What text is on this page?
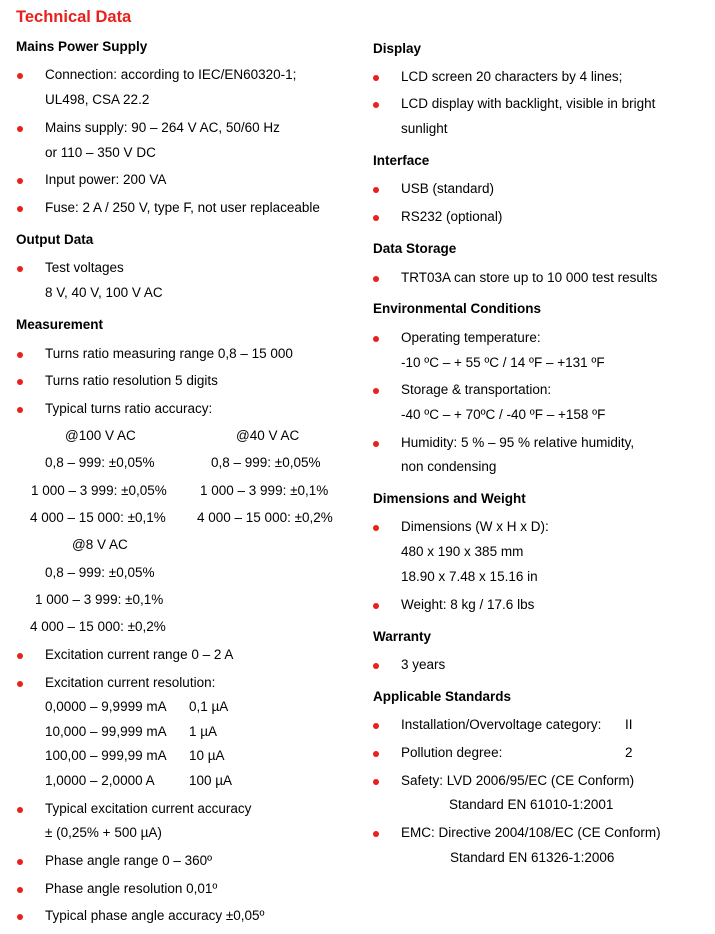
Technical Data
Mains Power Supply
Connection: according to IEC/EN60320-1;
UL498, CSA 22.2
Mains supply: 90 – 264 V AC, 50/60 Hz
or 110 – 350 V DC
Input power: 200 VA
Fuse: 2 A / 250 V, type F, not user replaceable
Output Data
Test voltages
8 V, 40 V, 100 V AC
Measurement
Turns ratio measuring range 0,8 – 15 000
Turns ratio resolution 5 digits
Typical turns ratio accuracy:
@100 V AC	@40 V AC
0,8 – 999: ±0,05%	0,8 – 999: ±0,05%
1 000 – 3 999: ±0,05% 1 000 – 3 999: ±0,1%
4 000 – 15 000: ±0,1% 4 000 – 15 000: ±0,2%
@8 V AC
0,8 – 999: ±0,05%
1 000 – 3 999: ±0,1%
4 000 – 15 000: ±0,2%
Excitation current range 0 – 2 A
Excitation current resolution:
0,0000 – 9,9999 mA 0,1 µA
10,000 – 99,999 mA 1 µA
100,00 – 999,99 mA 10 µA
1,0000 – 2,0000 A	100 µA
Typical excitation current accuracy
± (0,25% + 500 µA)
Phase angle range 0 – 360º
Phase angle resolution 0,01º
Typical phase angle accuracy ±0,05º
Display
LCD screen 20 characters by 4 lines;
LCD display with backlight, visible in bright
sunlight
Interface
USB (standard)
RS232 (optional)
Data Storage
TRT03A can store up to 10 000 test results
Environmental Conditions
Operating temperature:
-10 ºC – + 55 ºC / 14 ºF – +131 ºF
Storage & transportation:
-40 ºC – + 70ºC / -40 ºF – +158 ºF
Humidity: 5 % – 95 % relative humidity,
non condensing
Dimensions and Weight
Dimensions (W x H x D):
480 x 190 x 385 mm
18.90 x 7.48 x 15.16 in
Weight: 8 kg / 17.6 lbs
Warranty
3 years
Applicable Standards
Installation/Overvoltage category: II
Pollution degree:	2
Safety: LVD 2006/95/EC (CE Conform)
Standard EN 61010-1:2001
EMC: Directive 2004/108/EC (CE Conform)
Standard EN 61326-1:2006
